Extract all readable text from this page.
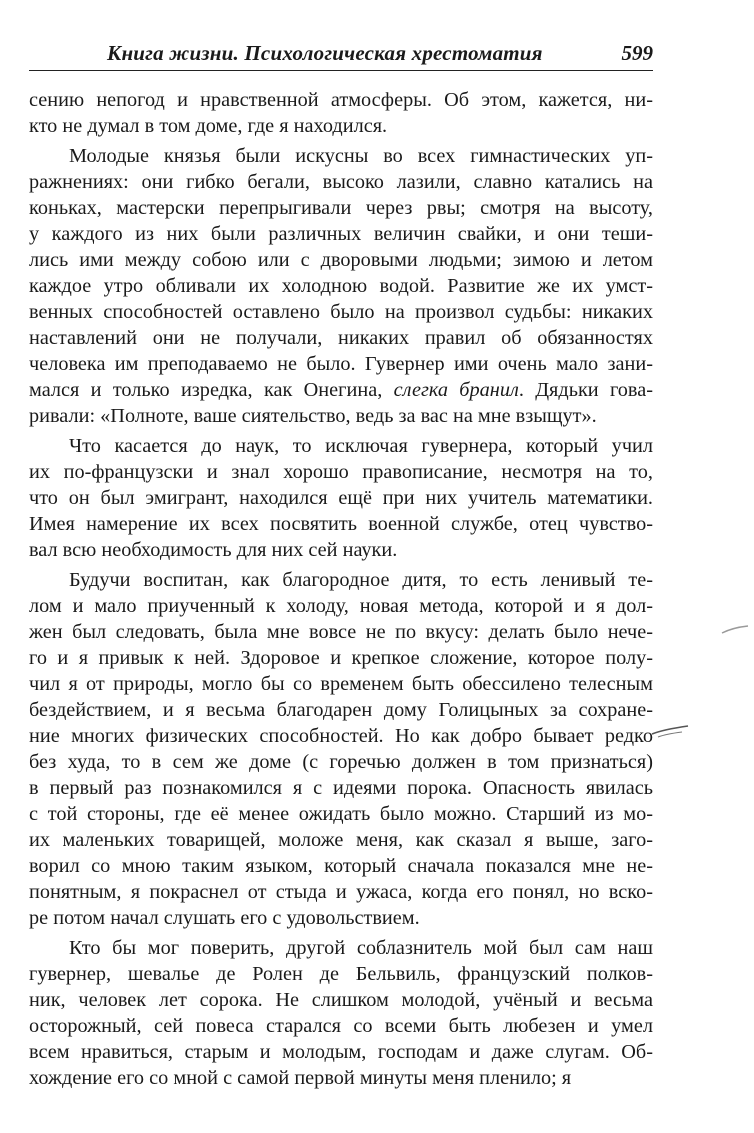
Книга жизни. Психологическая хрестоматия	599
сению непогод и нравственной атмосферы. Об этом, кажется, ни-
кто не думал в том доме, где я находился.
Молодые князья были искусны во всех гимнастических уп-
ражнениях: они гибко бегали, высоко лазили, славно катались на
коньках, мастерски перепрыгивали через рвы; смотря на высоту,
у каждого из них были различных величин свайки, и они теши-
лись ими между собою или с дворовыми людьми; зимою и летом
каждое утро обливали их холодною водой. Развитие же их умст-
венных способностей оставлено было на произвол судьбы: никаких
наставлений они не получали, никаких правил об обязанностях
человека им преподаваемо не было. Гувернер ими очень мало зани-
мался и только изредка, как Онегина, слегка бранил. Дядьки гова-
ривали: «Полноте, ваше сиятельство, ведь за вас на мне взыщут».
Что касается до наук, то исключая гувернера, который учил
их по-французски и знал хорошо правописание, несмотря на то,
что он был эмигрант, находился ещё при них учитель математики.
Имея намерение их всех посвятить военной службе, отец чувство-
вал всю необходимость для них сей науки.
Будучи воспитан, как благородное дитя, то есть ленивый те-
лом и мало приученный к холоду, новая метода, которой и я дол-
жен был следовать, была мне вовсе не по вкусу: делать было нече-
го и я привык к ней. Здоровое и крепкое сложение, которое полу-
чил я от природы, могло бы со временем быть обессилено телесным
бездействием, и я весьма благодарен дому Голицыных за сохране-
ние многих физических способностей. Но как добро бывает редко
без худа, то в сем же доме (с горечью должен в том признаться)
в первый раз познакомился я с идеями порока. Опасность явилась
с той стороны, где её менее ожидать было можно. Старший из мо-
их маленьких товарищей, моложе меня, как сказал я выше, заго-
ворил со мною таким языком, который сначала показался мне не-
понятным, я покраснел от стыда и ужаса, когда его понял, но вско-
ре потом начал слушать его с удовольствием.
Кто бы мог поверить, другой соблазнитель мой был сам наш
гувернер, шевалье де Ролен де Бельвиль, французский полков-
ник, человек лет сорока. Не слишком молодой, учёный и весьма
осторожный, сей повеса старался со всеми быть любезен и умел
всем нравиться, старым и молодым, господам и даже слугам. Об-
хождение его со мной с самой первой минуты меня пленило; я
